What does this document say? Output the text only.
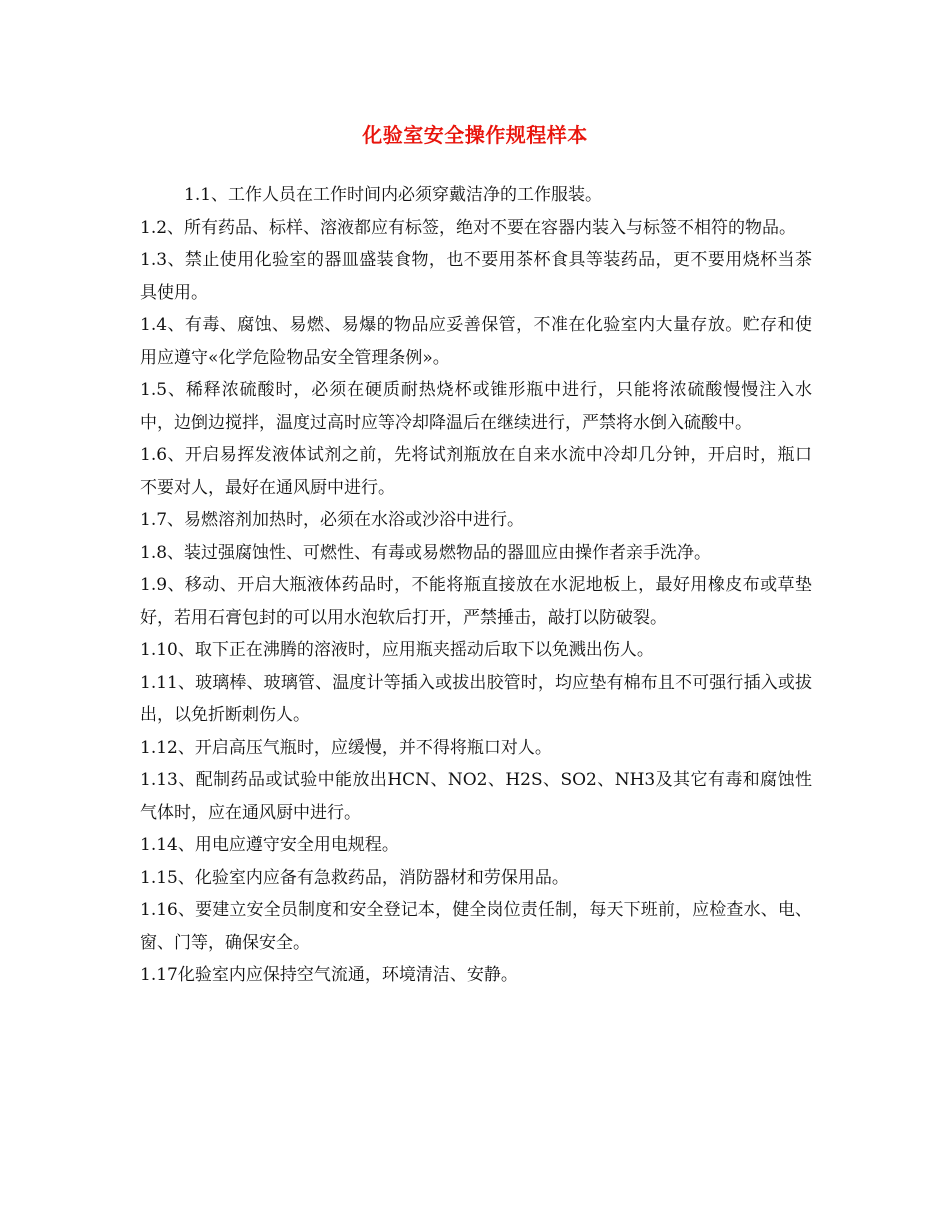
化验室安全操作规程样本

1.1、工作人员在工作时间内必须穿戴洁净的工作服装。

1.2、所有药品、标样、溶液都应有标签，绝对不要在容器内装入与标签不相符的物品。

1.3、禁止使用化验室的器皿盛装食物，也不要用茶杯食具等装药品，更不要用烧杯当茶具使用。

1.4、有毒、腐蚀、易燃、易爆的物品应妥善保管，不准在化验室内大量存放。贮存和使用应遵守«化学危险物品安全管理条例»。

1.5、稀释浓硫酸时，必须在硬质耐热烧杯或锥形瓶中进行，只能将浓硫酸慢慢注入水中，边倒边搅拌，温度过高时应等冷却降温后在继续进行，严禁将水倒入硫酸中。

1.6、开启易挥发液体试剂之前，先将试剂瓶放在自来水流中冷却几分钟，开启时，瓶口不要对人，最好在通风厨中进行。

1.7、易燃溶剂加热时，必须在水浴或沙浴中进行。

1.8、装过强腐蚀性、可燃性、有毒或易燃物品的器皿应由操作者亲手洗净。

1.9、移动、开启大瓶液体药品时，不能将瓶直接放在水泥地板上，最好用橡皮布或草垫好，若用石膏包封的可以用水泡软后打开，严禁捶击，敲打以防破裂。

1.10、取下正在沸腾的溶液时，应用瓶夹摇动后取下以免溅出伤人。

1.11、玻璃棒、玻璃管、温度计等插入或拔出胶管时，均应垫有棉布且不可强行插入或拔出，以免折断刺伤人。

1.12、开启高压气瓶时，应缓慢，并不得将瓶口对人。

1.13、配制药品或试验中能放出HCN、NO2、H2S、SO2、NH3及其它有毒和腐蚀性气体时，应在通风厨中进行。

1.14、用电应遵守安全用电规程。

1.15、化验室内应备有急救药品，消防器材和劳保用品。

1.16、要建立安全员制度和安全登记本，健全岗位责任制，每天下班前，应检查水、电、窗、门等，确保安全。

1.17化验室内应保持空气流通，环境清洁、安静。
